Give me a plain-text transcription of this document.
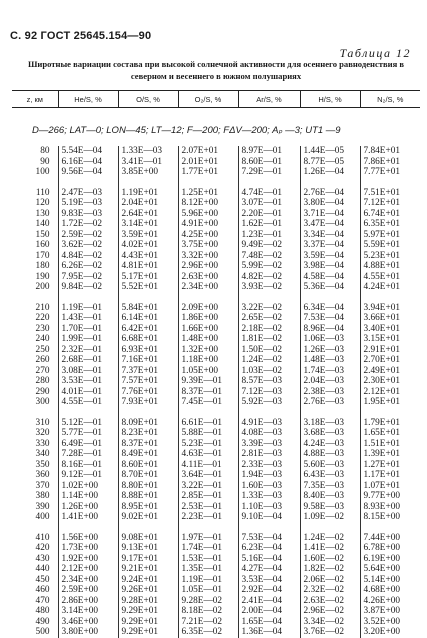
С. 92 ГОСТ 25645.154—90
Таблица 12
Широтные вариации состава при высокой солнечной активности для осеннего равноденствия в северном и весеннего в южном полушариях
z, км	He/S, %	O/S, %	O₂/S, %	Ar/S, %	H/S, %	N₂/S, %
D—266; LAT—0; LON—45; LT—12; F—200; FΔV—200; Aₚ —3; UT1 —9
80	5.54E—04	1.33E—03	2.07E+01	8.97E—01	1.44E—05	7.84E+01
90	6.16E—04	3.41E—01	2.01E+01	8.60E—01	8.77E—05	7.86E+01
100	9.56E—04	3.85E+00	1.77E+01	7.29E—01	1.26E—04	7.77E+01

110	2.47E—03	1.19E+01	1.25E+01	4.74E—01	2.76E—04	7.51E+01
120	5.19E—03	2.04E+01	8.12E+00	3.07E—01	3.80E—04	7.12E+01
130	9.83E—03	2.64E+01	5.96E+00	2.20E—01	3.71E—04	6.74E+01
140	1.72E—02	3.14E+01	4.91E+00	1.62E—01	3.47E—04	6.35E+01
150	2.59E—02	3.59E+01	4.25E+00	1.23E—01	3.34E—04	5.97E+01
160	3.62E—02	4.02E+01	3.75E+00	9.49E—02	3.37E—04	5.59E+01
170	4.84E—02	4.43E+01	3.32E+00	7.48E—02	3.59E—04	5.23E+01
180	6.26E—02	4.81E+01	2.96E+00	5.99E—02	3.98E—04	4.88E+01
190	7.95E—02	5.17E+01	2.63E+00	4.82E—02	4.58E—04	4.55E+01
200	9.84E—02	5.52E+01	2.34E+00	3.93E—02	5.36E—04	4.24E+01

210	1.19E—01	5.84E+01	2.09E+00	3.22E—02	6.34E—04	3.94E+01
220	1.43E—01	6.14E+01	1.86E+00	2.65E—02	7.53E—04	3.66E+01
230	1.70E—01	6.42E+01	1.66E+00	2.18E—02	8.96E—04	3.40E+01
240	1.99E—01	6.68E+01	1.48E+00	1.81E—02	1.06E—03	3.15E+01
250	2.32E—01	6.93E+01	1.32E+00	1.50E—02	1.26E—03	2.91E+01
260	2.68E—01	7.16E+01	1.18E+00	1.24E—02	1.48E—03	2.70E+01
270	3.08E—01	7.37E+01	1.05E+00	1.03E—02	1.74E—03	2.49E+01
280	3.53E—01	7.57E+01	9.39E—01	8.57E—03	2.04E—03	2.30E+01
290	4.01E—01	7.76E+01	8.37E—01	7.12E—03	2.38E—03	2.12E+01
300	4.55E—01	7.93E+01	7.45E—01	5.92E—03	2.76E—03	1.95E+01

310	5.12E—01	8.09E+01	6.61E—01	4.91E—03	3.18E—03	1.79E+01
320	5.77E—01	8.23E+01	5.88E—01	4.08E—03	3.68E—03	1.65E+01
330	6.49E—01	8.37E+01	5.23E—01	3.39E—03	4.24E—03	1.51E+01
340	7.28E—01	8.49E+01	4.63E—01	2.81E—03	4.88E—03	1.39E+01
350	8.16E—01	8.60E+01	4.11E—01	2.33E—03	5.60E—03	1.27E+01
360	9.12E—01	8.70E+01	3.64E—01	1.94E—03	6.43E—03	1.17E+01
370	1.02E+00	8.80E+01	3.22E—01	1.60E—03	7.35E—03	1.07E+01
380	1.14E+00	8.88E+01	2.85E—01	1.33E—03	8.40E—03	9.77E+00
390	1.26E+00	8.95E+01	2.53E—01	1.10E—03	9.58E—03	8.93E+00
400	1.41E+00	9.02E+01	2.23E—01	9.10E—04	1.09E—02	8.15E+00

410	1.56E+00	9.08E+01	1.97E—01	7.53E—04	1.24E—02	7.44E+00
420	1.73E+00	9.13E+01	1.74E—01	6.23E—04	1.41E—02	6.78E+00
430	1.92E+00	9.17E+01	1.53E—01	5.16E—04	1.60E—02	6.19E+00
440	2.12E+00	9.21E+01	1.35E—01	4.27E—04	1.82E—02	5.64E+00
450	2.34E+00	9.24E+01	1.19E—01	3.53E—04	2.06E—02	5.14E+00
460	2.59E+00	9.26E+01	1.05E—01	2.92E—04	2.32E—02	4.68E+00
470	2.86E+00	9.28E+01	9.28E—02	2.41E—04	2.63E—02	4.26E+00
480	3.14E+00	9.29E+01	8.18E—02	2.00E—04	2.96E—02	3.87E+00
490	3.46E+00	9.29E+01	7.21E—02	1.65E—04	3.34E—02	3.52E+00
500	3.80E+00	9.29E+01	6.35E—02	1.36E—04	3.76E—02	3.20E+00
